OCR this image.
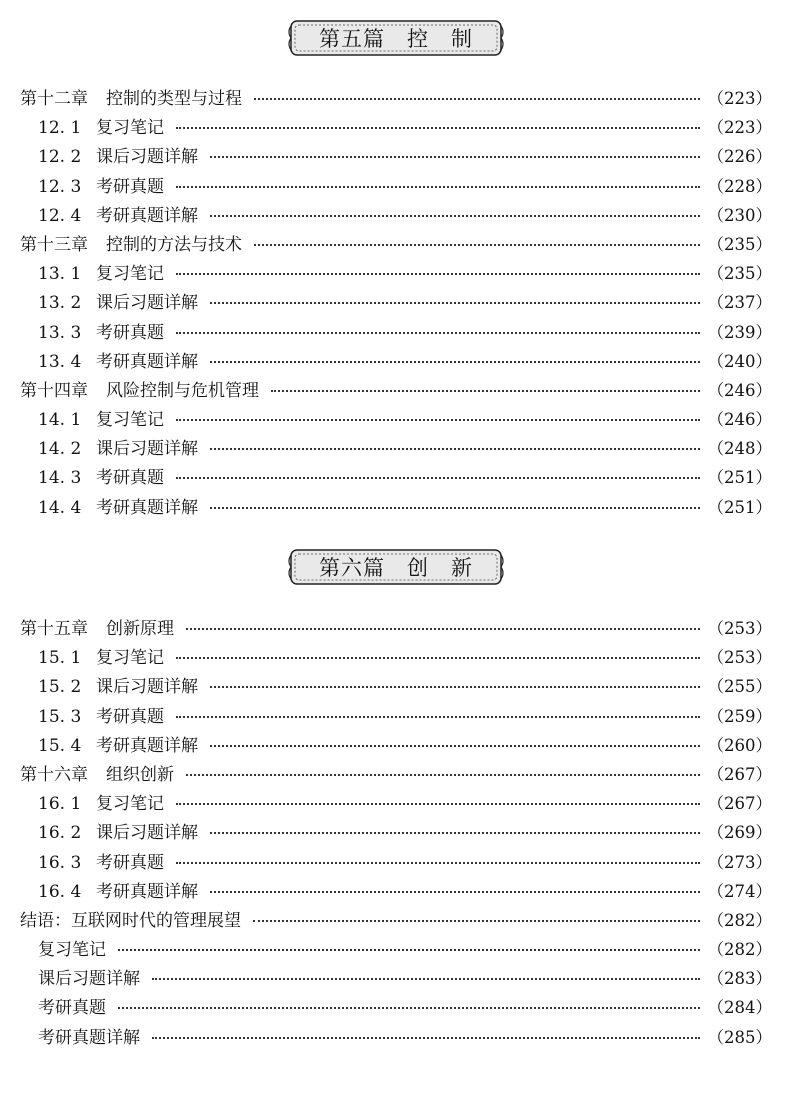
第五篇　控　制
第十二章 控制的类型与过程	（223）
12. 1 复习笔记	（223）
12. 2 课后习题详解	（226）
12. 3 考研真题	（228）
12. 4 考研真题详解	（230）
第十三章 控制的方法与技术	（235）
13. 1 复习笔记	（235）
13. 2 课后习题详解	（237）
13. 3 考研真题	（239）
13. 4 考研真题详解	（240）
第十四章 风险控制与危机管理	（246）
14. 1 复习笔记	（246）
14. 2 课后习题详解	（248）
14. 3 考研真题	（251）
14. 4 考研真题详解	（251）
第六篇　创　新
第十五章 创新原理	（253）
15. 1 复习笔记	（253）
15. 2 课后习题详解	（255）
15. 3 考研真题	（259）
15. 4 考研真题详解	（260）
第十六章 组织创新	（267）
16. 1 复习笔记	（267）
16. 2 课后习题详解	（269）
16. 3 考研真题	（273）
16. 4 考研真题详解	（274）
结语：互联网时代的管理展望	（282）
复习笔记	（282）
课后习题详解	（283）
考研真题	（284）
考研真题详解	（285）
